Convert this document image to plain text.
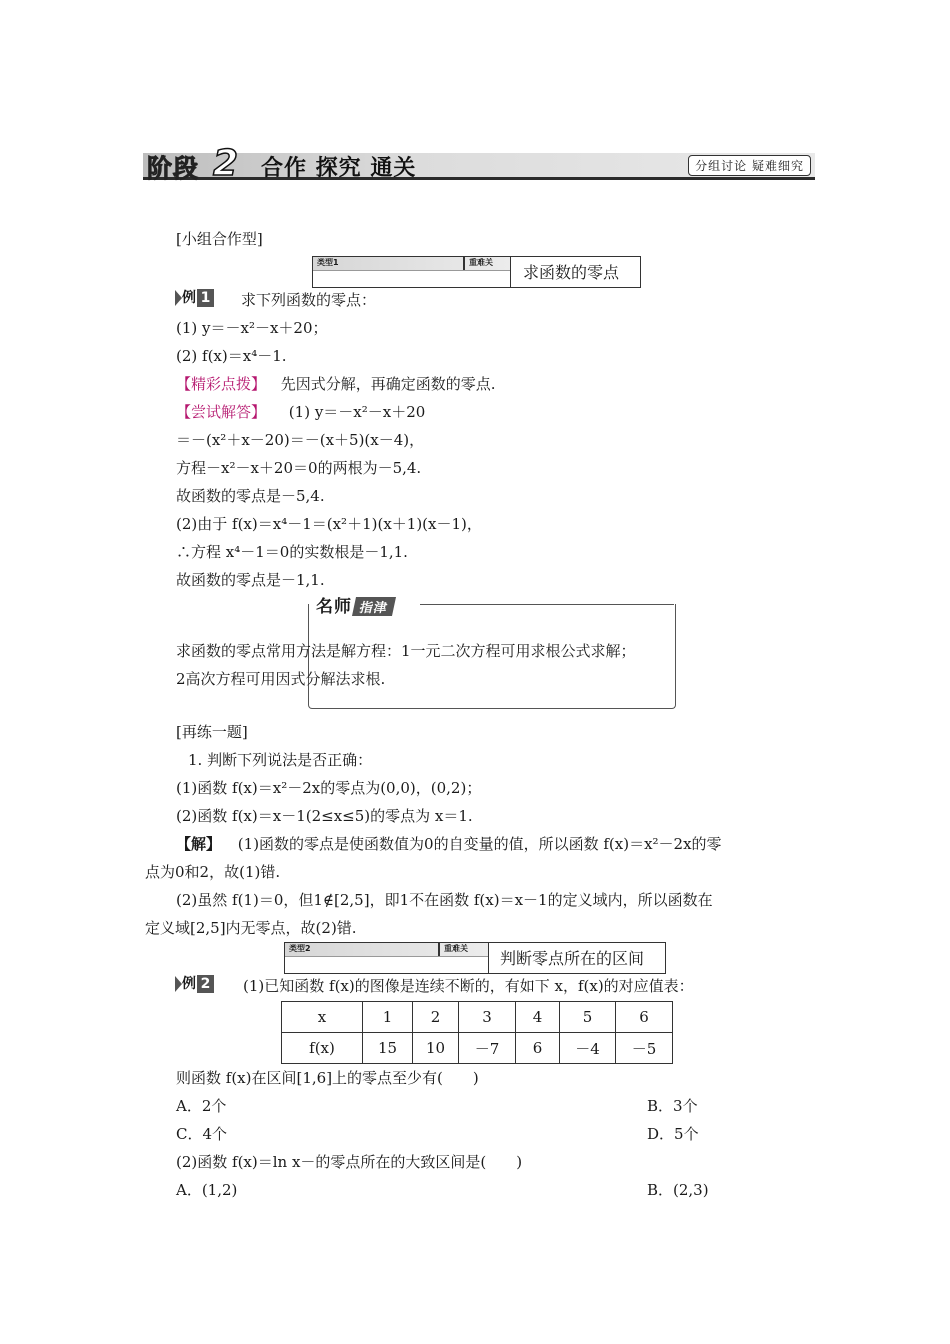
阶段 2 合作 探究 通关	分组讨论 疑难细究
[小组合作型]
类型1	重难关
求函数的零点
例 1 求下列函数的零点：
(1) y＝－x²－x＋20；
(2) f(x)＝x⁴－1.
【精彩点拨】 先因式分解，再确定函数的零点.
【尝试解答】 (1) y＝－x²－x＋20
＝－(x²＋x－20)＝－(x＋5)(x－4)，
方程－x²－x＋20＝0的两根为－5,4.
故函数的零点是－5,4.
(2)由于 f(x)＝x⁴－1＝(x²＋1)(x＋1)(x－1)，
∴方程 x⁴－1＝0的实数根是－1,1.
故函数的零点是－1,1.
名师 指津
求函数的零点常用方法是解方程：1一元二次方程可用求根公式求解；
2高次方程可用因式分解法求根.
[再练一题]
1. 判断下列说法是否正确：
(1)函数 f(x)＝x²－2x的零点为(0,0)，(0,2)；
(2)函数 f(x)＝x－1(2≤x≤5)的零点为 x＝1.
【解】 (1)函数的零点是使函数值为0的自变量的值，所以函数 f(x)＝x²－2x的零
点为0和2，故(1)错.
(2)虽然 f(1)＝0，但1∉[2,5]，即1不在函数 f(x)＝x－1的定义域内，所以函数在
定义域[2,5]内无零点，故(2)错.
类型2	重难关
判断零点所在的区间
例 2 (1)已知函数 f(x)的图像是连续不断的，有如下 x，f(x)的对应值表：
x	1	2	3	4	5	6
f(x)	15	10	－7	6	－4	－5
则函数 f(x)在区间[1,6]上的零点至少有(　　)
A．2个	B．3个
C．4个	D．5个
(2)函数 f(x)＝ln x－的零点所在的大致区间是(　　)
A．(1,2)	B．(2,3)
